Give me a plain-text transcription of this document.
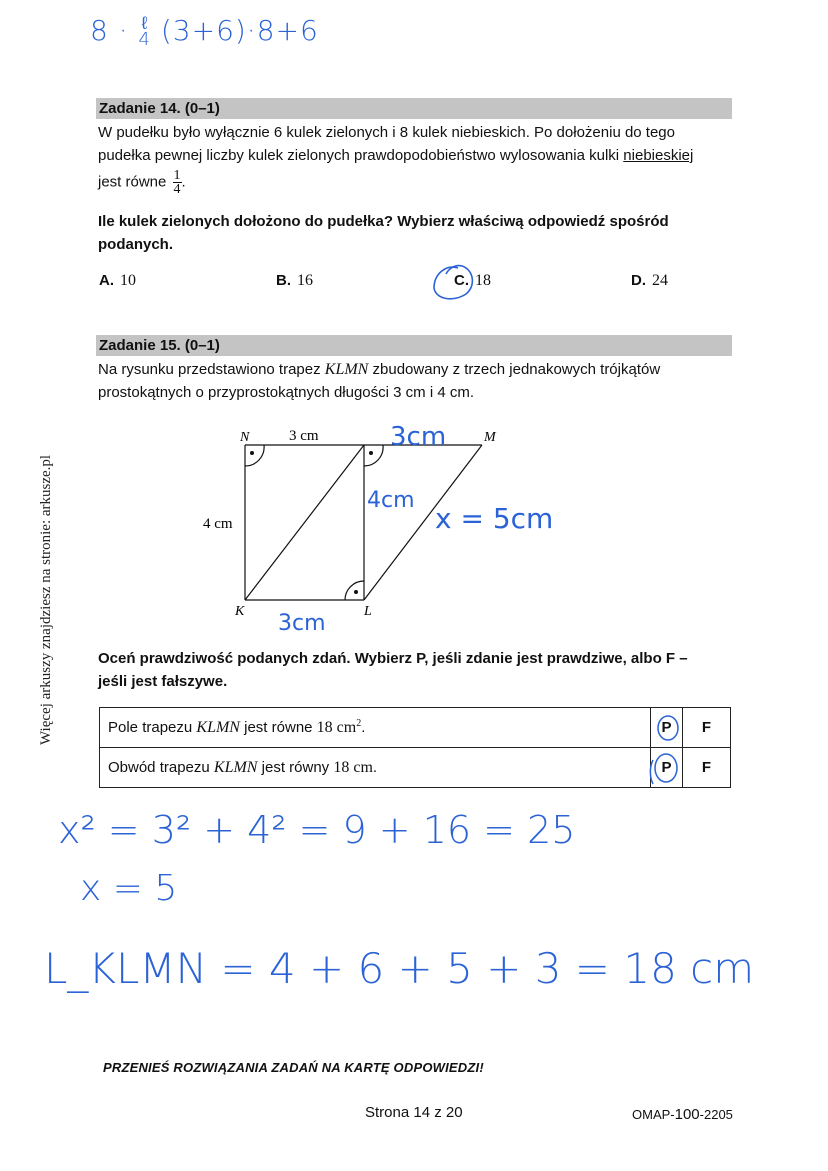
Więcej arkuszy znajdziesz na stronie: arkusze.pl
8 · ℓ
4 (3+6)·8+6
Zadanie 14. (0–1)
W pudełku było wyłącznie 6 kulek zielonych i 8 kulek niebieskich. Po dołożeniu do tego
pudełka pewnej liczby kulek zielonych prawdopodobieństwo wylosowania kulki niebieskiej
jest równe $\frac{1}{4}$ .
Ile kulek zielonych dołożono do pudełka? Wybierz właściwą odpowiedź spośród
podanych.
A. 10	B. 16	C. 18	D. 24
Zadanie 15. (0–1)
Na rysunku przedstawiono trapez KLMN zbudowany z trzech jednakowych trójkątów
prostokątnych o przyprostokątnych długości 3 cm i 4 cm.
N	M
K	L
3 cm
4 cm
3cm
4cm
x = 5cm
3cm
Oceń prawdziwość podanych zdań. Wybierz P, jeśli zdanie jest prawdziwe, albo F –
jeśli jest fałszywe.
Pole trapezu KLMN jest równe 18 $cm^2$.	P	F
Obwód trapezu KLMN jest równy 18 cm.	P	F
x² = 3² + 4² = 9 + 16 = 25
x = 5
L_KLMN = 4 + 6 + 5 + 3 = 18 cm
PRZENIEŚ ROZWIĄZANIA ZADAŃ NA KARTĘ ODPOWIEDZI!
Strona 14 z 20	OMAP-100-2205
